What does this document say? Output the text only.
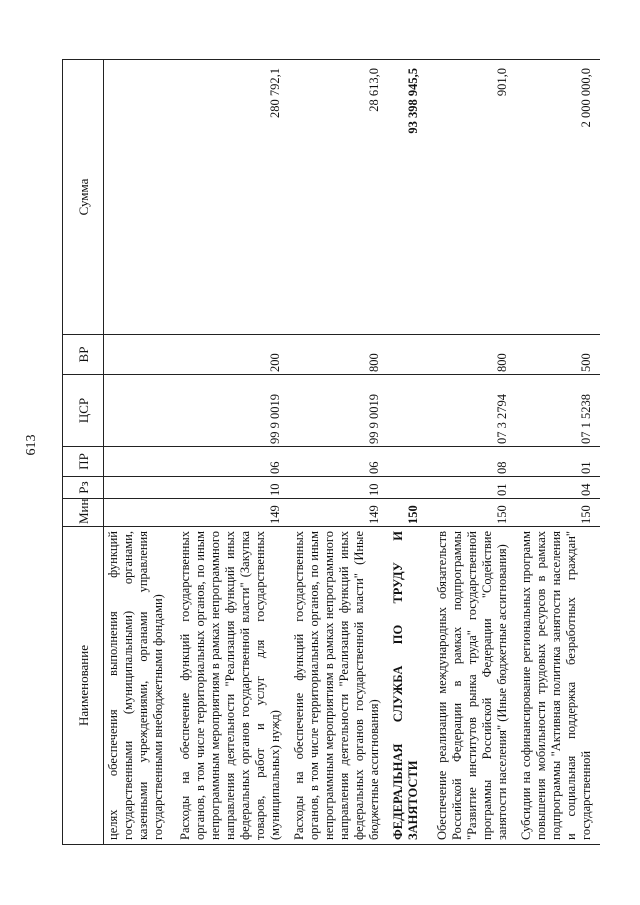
613
Наименование	Мин	Рз	ПР	ЦСР	ВР	Сумма
целях обеспечения выполнения функций государственными (муниципальными) органами, казенными учреждениями, органами управления государственными внебюджетными фондами)						
Расходы на обеспечение функций государственных органов, в том числе территориальных органов, по иным непрограммным мероприятиям в рамках непрограммного направления деятельности "Реализация функций иных федеральных органов государственной власти" (Закупка товаров, работ и услуг для государственных (муниципальных) нужд)	149	10	06	99 9 0019	200	280 792,1
Расходы на обеспечение функций государственных органов, в том числе территориальных органов, по иным непрограммным мероприятиям в рамках непрограммного направления деятельности "Реализация функций иных федеральных органов государственной власти" (Иные бюджетные ассигнования)	149	10	06	99 9 0019	800	28 613,0
ФЕДЕРАЛЬНАЯ СЛУЖБА ПО ТРУДУ И ЗАНЯТОСТИ	150					93 398 945,5
Обеспечение реализации международных обязательств Российской Федерации в рамках подпрограммы "Развитие институтов рынка труда" государственной программы Российской Федерации "Содействие занятости населения" (Иные бюджетные ассигнования)	150	01	08	07 3 2794	800	901,0
Субсидии на софинансирование региональных программ повышения мобильности трудовых ресурсов в рамках подпрограммы "Активная политика занятости населения и социальная поддержка безработных граждан" государственной	150	04	01	07 1 5238	500	2 000 000,0
